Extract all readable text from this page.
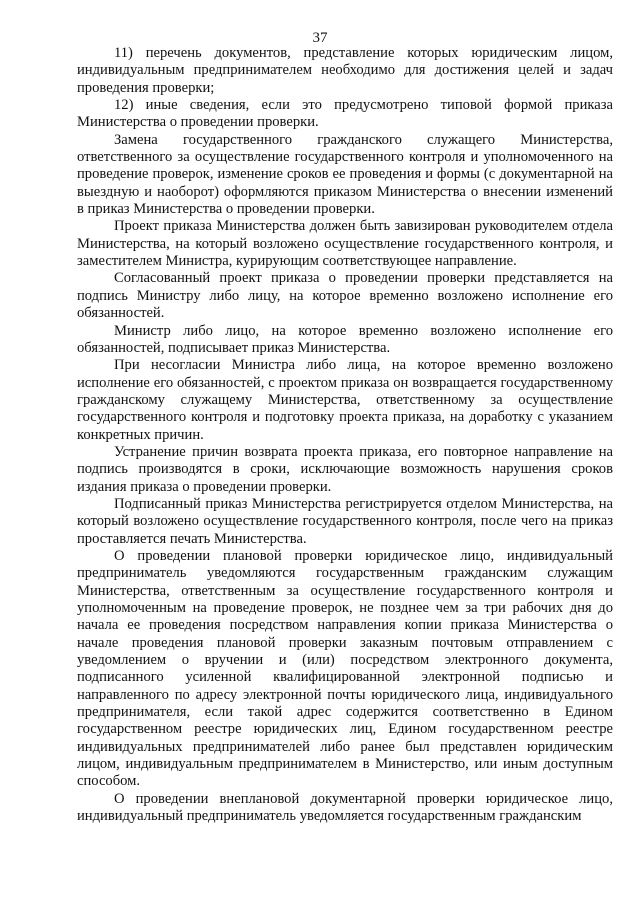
37

11) перечень документов, представление которых юридическим лицом, индивидуальным предпринимателем необходимо для достижения целей и задач проведения проверки;

12) иные сведения, если это предусмотрено типовой формой приказа Министерства о проведении проверки.

Замена государственного гражданского служащего Министерства, ответственного за осуществление государственного контроля и уполномоченного на проведение проверок, изменение сроков ее проведения и формы (с документарной на выездную и наоборот) оформляются приказом Министерства о внесении изменений в приказ Министерства о проведении проверки.

Проект приказа Министерства должен быть завизирован руководителем отдела Министерства, на который возложено осуществление государственного контроля, и заместителем Министра, курирующим соответствующее направление.

Согласованный проект приказа о проведении проверки представляется на подпись Министру либо лицу, на которое временно возложено исполнение его обязанностей.

Министр либо лицо, на которое временно возложено исполнение его обязанностей, подписывает приказ Министерства.

При несогласии Министра либо лица, на которое временно возложено исполнение его обязанностей, с проектом приказа он возвращается государственному гражданскому служащему Министерства, ответственному за осуществление государственного контроля и подготовку проекта приказа, на доработку с указанием конкретных причин.

Устранение причин возврата проекта приказа, его повторное направление на подпись производятся в сроки, исключающие возможность нарушения сроков издания приказа о проведении проверки.

Подписанный приказ Министерства регистрируется отделом Министерства, на который возложено осуществление государственного контроля, после чего на приказ проставляется печать Министерства.

О проведении плановой проверки юридическое лицо, индивидуальный предприниматель уведомляются государственным гражданским служащим Министерства, ответственным за осуществление государственного контроля и уполномоченным на проведение проверок, не позднее чем за три рабочих дня до начала ее проведения посредством направления копии приказа Министерства о начале проведения плановой проверки заказным почтовым отправлением с уведомлением о вручении и (или) посредством электронного документа, подписанного усиленной квалифицированной электронной подписью и направленного по адресу электронной почты юридического лица, индивидуального предпринимателя, если такой адрес содержится соответственно в Едином государственном реестре юридических лиц, Едином государственном реестре индивидуальных предпринимателей либо ранее был представлен юридическим лицом, индивидуальным предпринимателем в Министерство, или иным доступным способом.

О проведении внеплановой документарной проверки юридическое лицо, индивидуальный предприниматель уведомляется государственным гражданским
